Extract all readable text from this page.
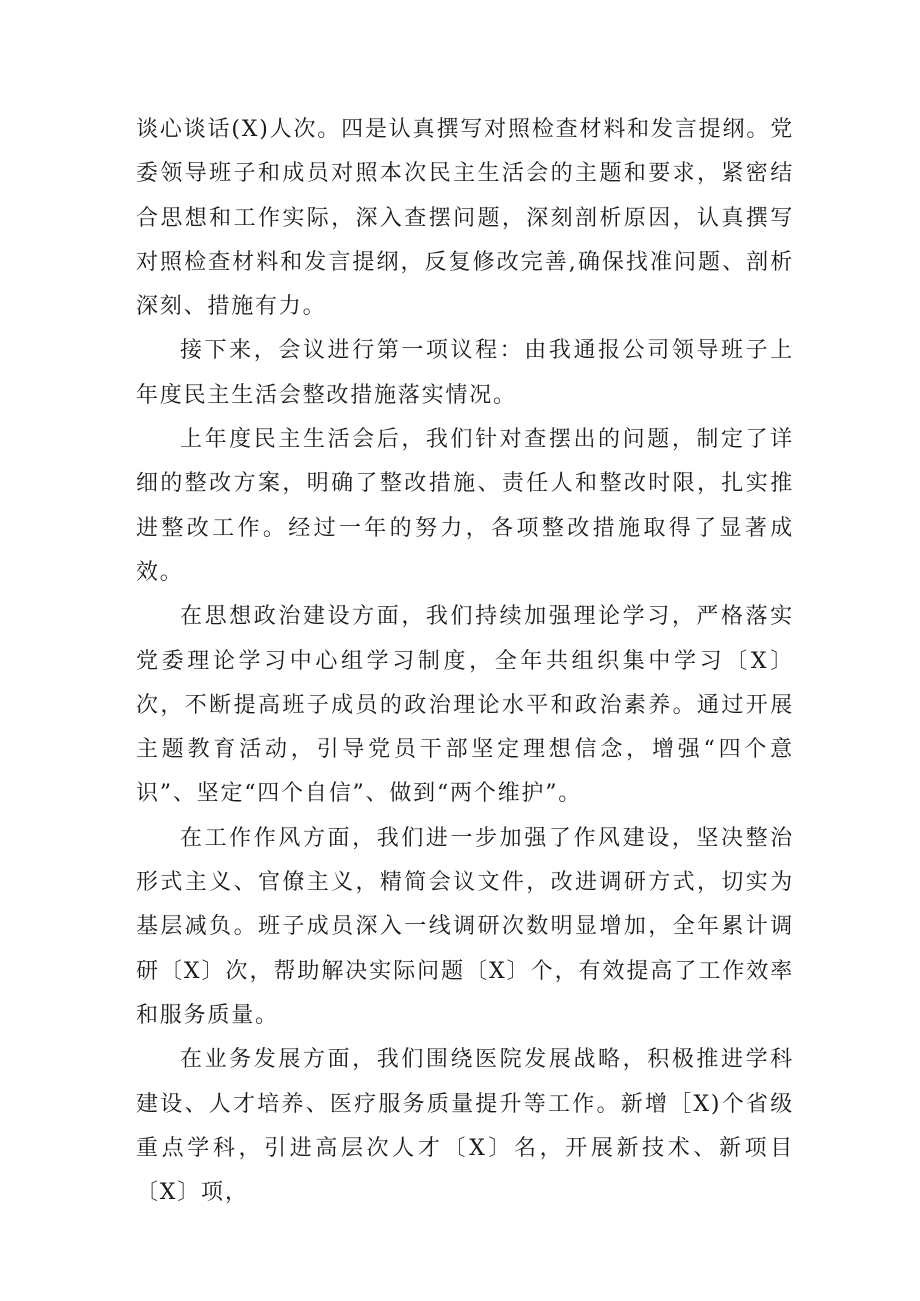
谈心谈话(X)人次。四是认真撰写对照检查材料和发言提纲。党委领导班子和成员对照本次民主生活会的主题和要求，紧密结合思想和工作实际，深入查摆问题，深刻剖析原因，认真撰写对照检查材料和发言提纲，反复修改完善,确保找准问题、剖析深刻、措施有力。

接下来，会议进行第一项议程：由我通报公司领导班子上年度民主生活会整改措施落实情况。

上年度民主生活会后，我们针对查摆出的问题，制定了详细的整改方案，明确了整改措施、责任人和整改时限，扎实推进整改工作。经过一年的努力，各项整改措施取得了显著成效。

在思想政治建设方面，我们持续加强理论学习，严格落实党委理论学习中心组学习制度，全年共组织集中学习〔X〕次，不断提高班子成员的政治理论水平和政治素养。通过开展主题教育活动，引导党员干部坚定理想信念，增强“四个意识”、坚定“四个自信”、做到“两个维护”。

在工作作风方面，我们进一步加强了作风建设，坚决整治形式主义、官僚主义，精简会议文件，改进调研方式，切实为基层减负。班子成员深入一线调研次数明显增加，全年累计调研〔X〕次，帮助解决实际问题〔X〕个，有效提高了工作效率和服务质量。

在业务发展方面，我们围绕医院发展战略，积极推进学科建设、人才培养、医疗服务质量提升等工作。新增［X)个省级重点学科，引进高层次人才〔X〕名，开展新技术、新项目〔X〕项，
